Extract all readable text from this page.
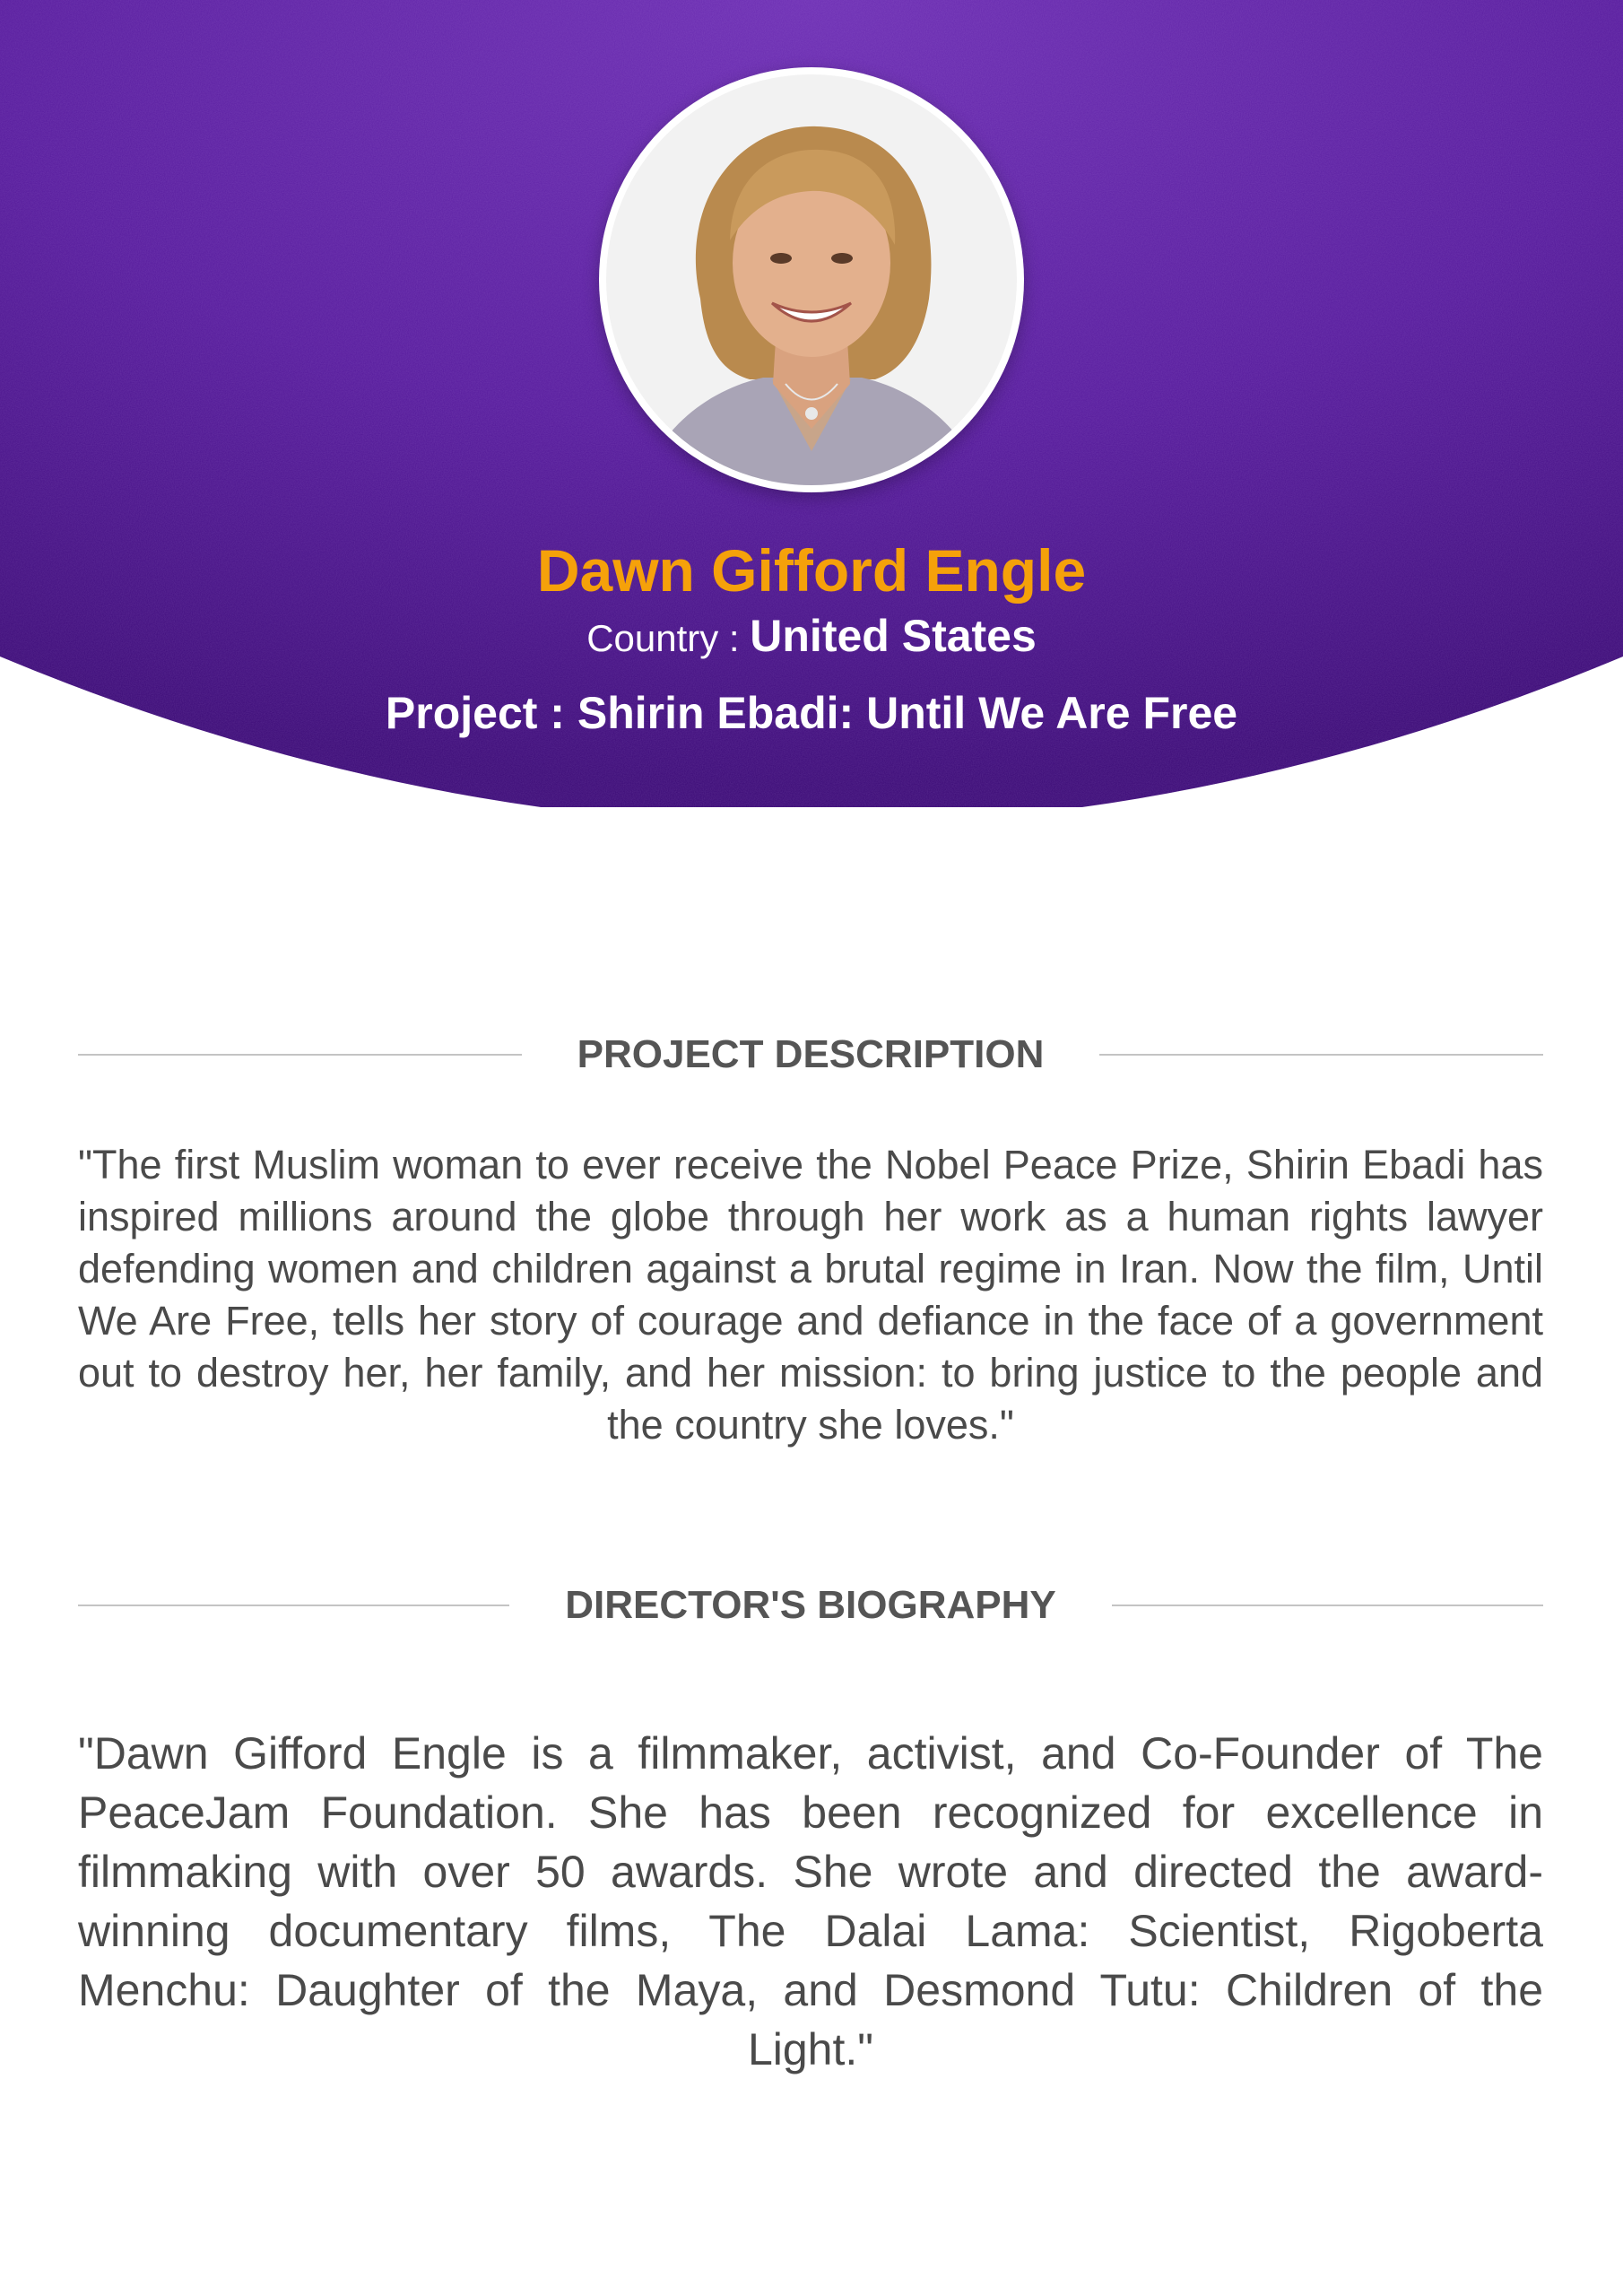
Dawn Gifford Engle
Country : United States
Project : Shirin Ebadi: Until We Are Free
PROJECT DESCRIPTION
"The first Muslim woman to ever receive the Nobel Peace Prize, Shirin Ebadi has inspired millions around the globe through her work as a human rights lawyer defending women and children against a brutal regime in Iran. Now the film, Until We Are Free, tells her story of courage and defiance in the face of a government out to destroy her, her family, and her mission: to bring justice to the people and the country she loves."
DIRECTOR'S BIOGRAPHY
"Dawn Gifford Engle is a filmmaker, activist, and Co-Founder of The PeaceJam Foundation. She has been recognized for excellence in filmmaking with over 50 awards. She wrote and directed the award-winning documentary films, The Dalai Lama: Scientist, Rigoberta Menchu: Daughter of the Maya, and Desmond Tutu: Children of the Light."
